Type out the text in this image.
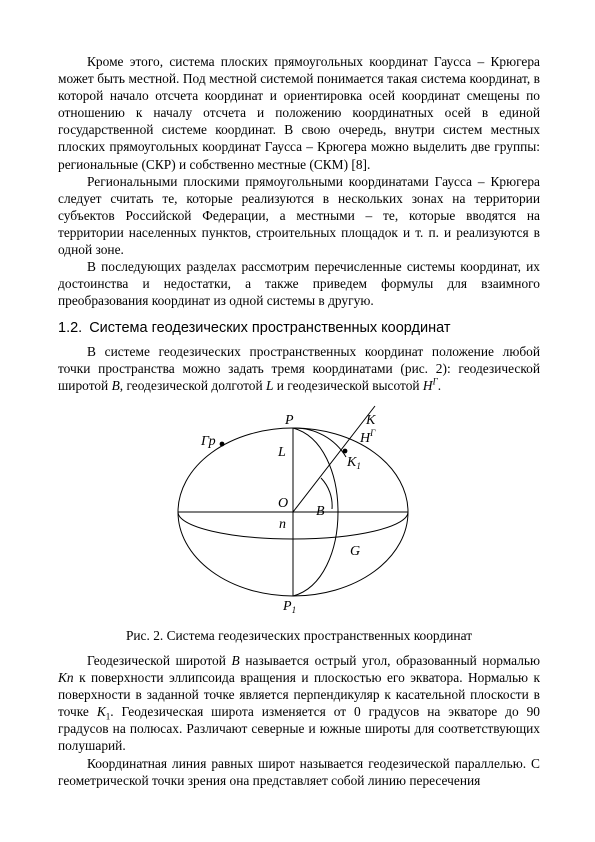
Кроме этого, система плоских прямоугольных координат Гаусса – Крюгера может быть местной. Под местной системой понимается такая система координат, в которой начало отсчета координат и ориентировка осей координат смещены по отношению к началу отсчета и положению координатных осей в единой государственной системе координат. В свою очередь, внутри систем местных плоских прямоугольных координат Гаусса – Крюгера можно выделить две группы: региональные (СКР) и собственно местные (СКМ) [8].

Региональными плоскими прямоугольными координатами Гаусса – Крюгера следует считать те, которые реализуются в нескольких зонах на территории субъектов Российской Федерации, а местными – те, которые вводятся на территории населенных пунктов, строительных площадок и т. п. и реализуются в одной зоне.

В последующих разделах рассмотрим перечисленные системы координат, их достоинства и недостатки, а также приведем формулы для взаимного преобразования координат из одной системы в другую.

1.2. Система геодезических пространственных координат

В системе геодезических пространственных координат положение любой точки пространства можно задать тремя координатами (рис. 2): геодезической широтой B, геодезической долготой L и геодезической высотой $H^Г$.

P	K
Гр	$H^Г$
L
$K_1$
O
B
n
G
$P_1$
Рис. 2. Система геодезических пространственных координат

Геодезической широтой B называется острый угол, образованный нормалью Kn к поверхности эллипсоида вращения и плоскостью его экватора. Нормалью к поверхности в заданной точке является перпендикуляр к касательной плоскости в точке $K_1$. Геодезическая широта изменяется от 0 градусов на экваторе до 90 градусов на полюсах. Различают северные и южные широты для соответствующих полушарий.

Координатная линия равных широт называется геодезической параллелью. С геометрической точки зрения она представляет собой линию пересечения
